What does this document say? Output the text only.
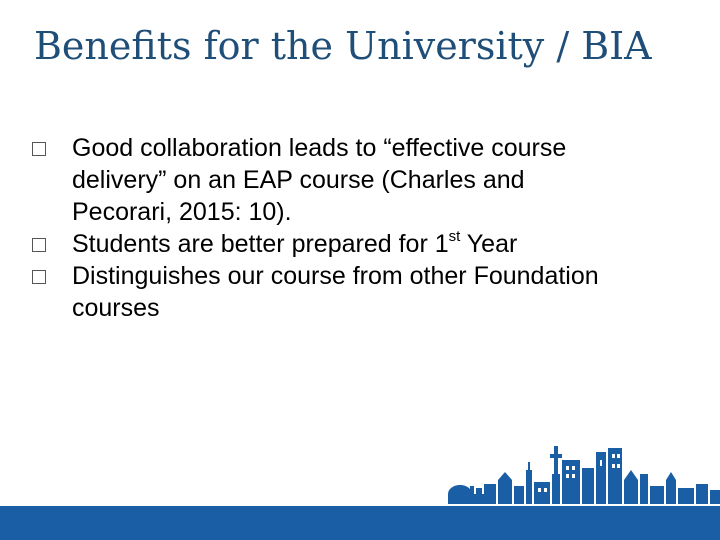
Benefits for the University / BIA
Good collaboration leads to “effective course
delivery” on an EAP course (Charles and
Pecorari, 2015: 10).
Students are better prepared for 1st Year
Distinguishes our course from other Foundation
courses
